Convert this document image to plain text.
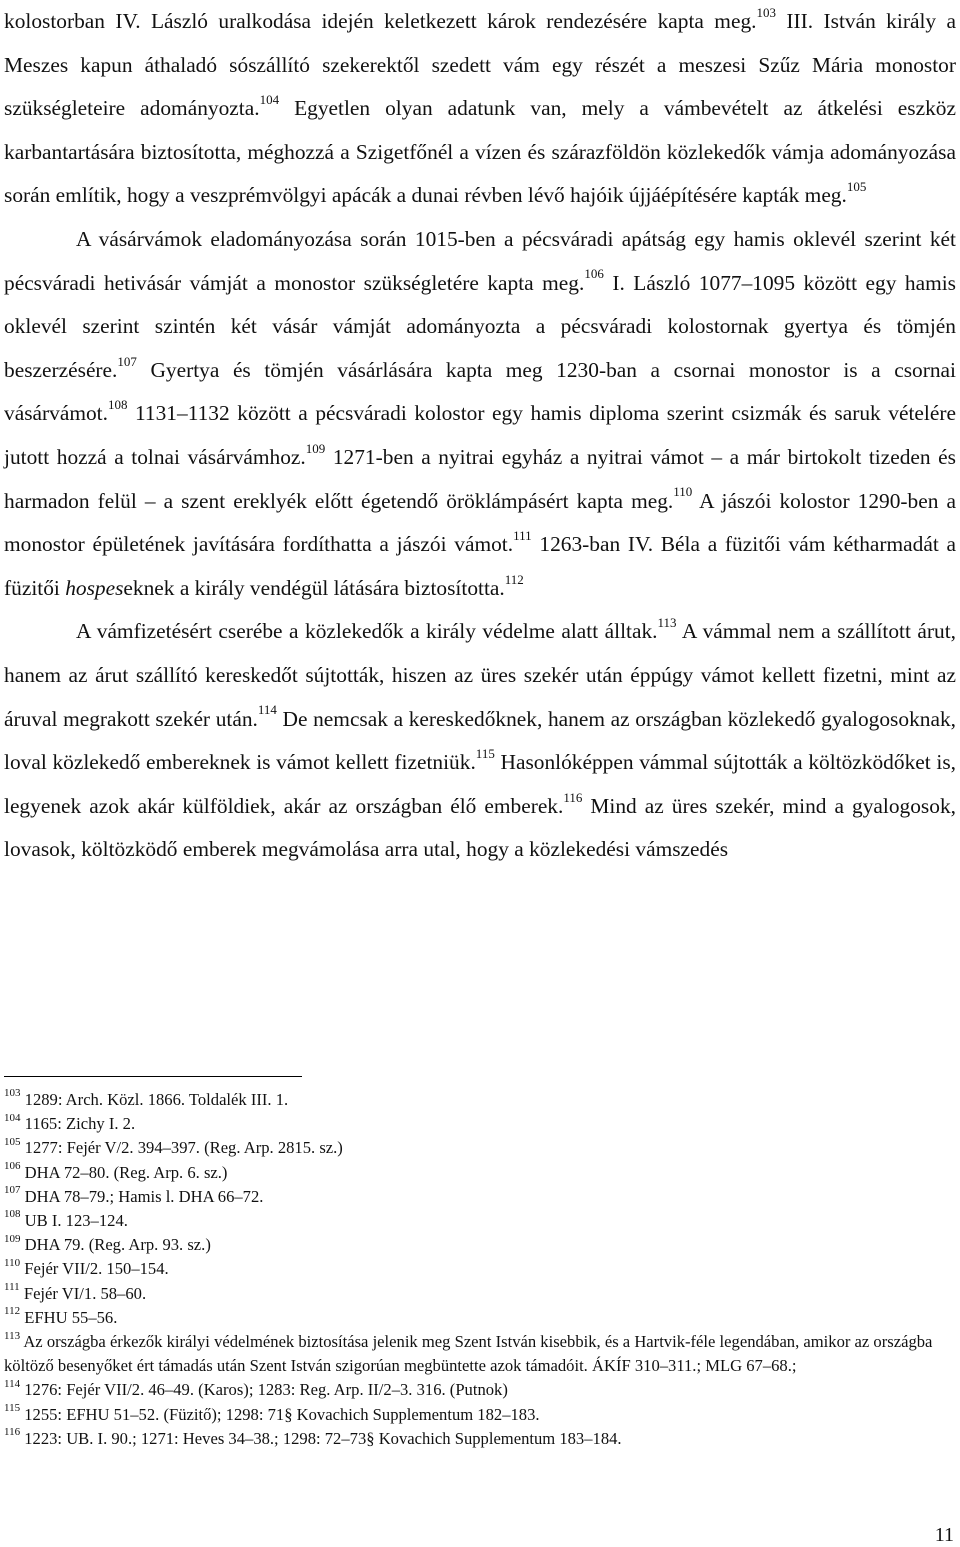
kolostorban IV. László uralkodása idején keletkezett károk rendezésére kapta meg.$^{103}$ III. István király a Meszes kapun áthaladó sószállító szekerektől szedett vám egy részét a meszesi Szűz Mária monostor szükségleteire adományozta.$^{104}$ Egyetlen olyan adatunk van, mely a vámbevételt az átkelési eszköz karbantartására biztosította, méghozzá a Szigetfőnél a vízen és szárazföldön közlekedők vámja adományozása során említik, hogy a veszprémvölgyi apácák a dunai révben lévő hajóik újjáépítésére kapták meg.$^{105}$

A vásárvámok eladományozása során 1015-ben a pécsváradi apátság egy hamis oklevél szerint két pécsváradi hetivásár vámját a monostor szükségletére kapta meg.$^{106}$ I. László 1077–1095 között egy hamis oklevél szerint szintén két vásár vámját adományozta a pécsváradi kolostornak gyertya és tömjén beszerzésére.$^{107}$ Gyertya és tömjén vásárlására kapta meg 1230-ban a csornai monostor is a csornai vásárvámot.$^{108}$ 1131–1132 között a pécsváradi kolostor egy hamis diploma szerint csizmák és saruk vételére jutott hozzá a tolnai vásárvámhoz.$^{109}$ 1271-ben a nyitrai egyház a nyitrai vámot – a már birtokolt tizeden és harmadon felül – a szent ereklyék előtt égetendő öröklámpásért kapta meg.$^{110}$ A jászói kolostor 1290-ben a monostor épületének javítására fordíthatta a jászói vámot.$^{111}$ 1263-ban IV. Béla a füzitői vám kétharmadát a füzitői hospeseknek a király vendégül látására biztosította.$^{112}$

A vámfizetésért cserébe a közlekedők a király védelme alatt álltak.$^{113}$ A vámmal nem a szállított árut, hanem az árut szállító kereskedőt sújtották, hiszen az üres szekér után éppúgy vámot kellett fizetni, mint az áruval megrakott szekér után.$^{114}$ De nemcsak a kereskedőknek, hanem az országban közlekedő gyalogosoknak, loval közlekedő embereknek is vámot kellett fizetniük.$^{115}$ Hasonlóképpen vámmal sújtották a költözködőket is, legyenek azok akár külföldiek, akár az országban élő emberek.$^{116}$ Mind az üres szekér, mind a gyalogosok, lovasok, költözködő emberek megvámolása arra utal, hogy a közlekedési vámszedés

$^{103}$ 1289: Arch. Közl. 1866. Toldalék III. 1.
$^{104}$ 1165: Zichy I. 2.
$^{105}$ 1277: Fejér V/2. 394–397. (Reg. Arp. 2815. sz.)
$^{106}$ DHA 72–80. (Reg. Arp. 6. sz.)
$^{107}$ DHA 78–79.; Hamis l. DHA 66–72.
$^{108}$ UB I. 123–124.
$^{109}$ DHA 79. (Reg. Arp. 93. sz.)
$^{110}$ Fejér VII/2. 150–154.
$^{111}$ Fejér VI/1. 58–60.
$^{112}$ EFHU 55–56.
$^{113}$ Az országba érkezők királyi védelmének biztosítása jelenik meg Szent István kisebbik, és a Hartvik-féle legendában, amikor az országba költöző besenyőket ért támadás után Szent István szigorúan megbüntette azok támadóit. ÁKÍF 310–311.; MLG 67–68.;
$^{114}$ 1276: Fejér VII/2. 46–49. (Karos); 1283: Reg. Arp. II/2–3. 316. (Putnok)
$^{115}$ 1255: EFHU 51–52. (Füzitő); 1298: 71§ Kovachich Supplementum 182–183.
$^{116}$ 1223: UB. I. 90.; 1271: Heves 34–38.; 1298: 72–73§ Kovachich Supplementum 183–184.
11
